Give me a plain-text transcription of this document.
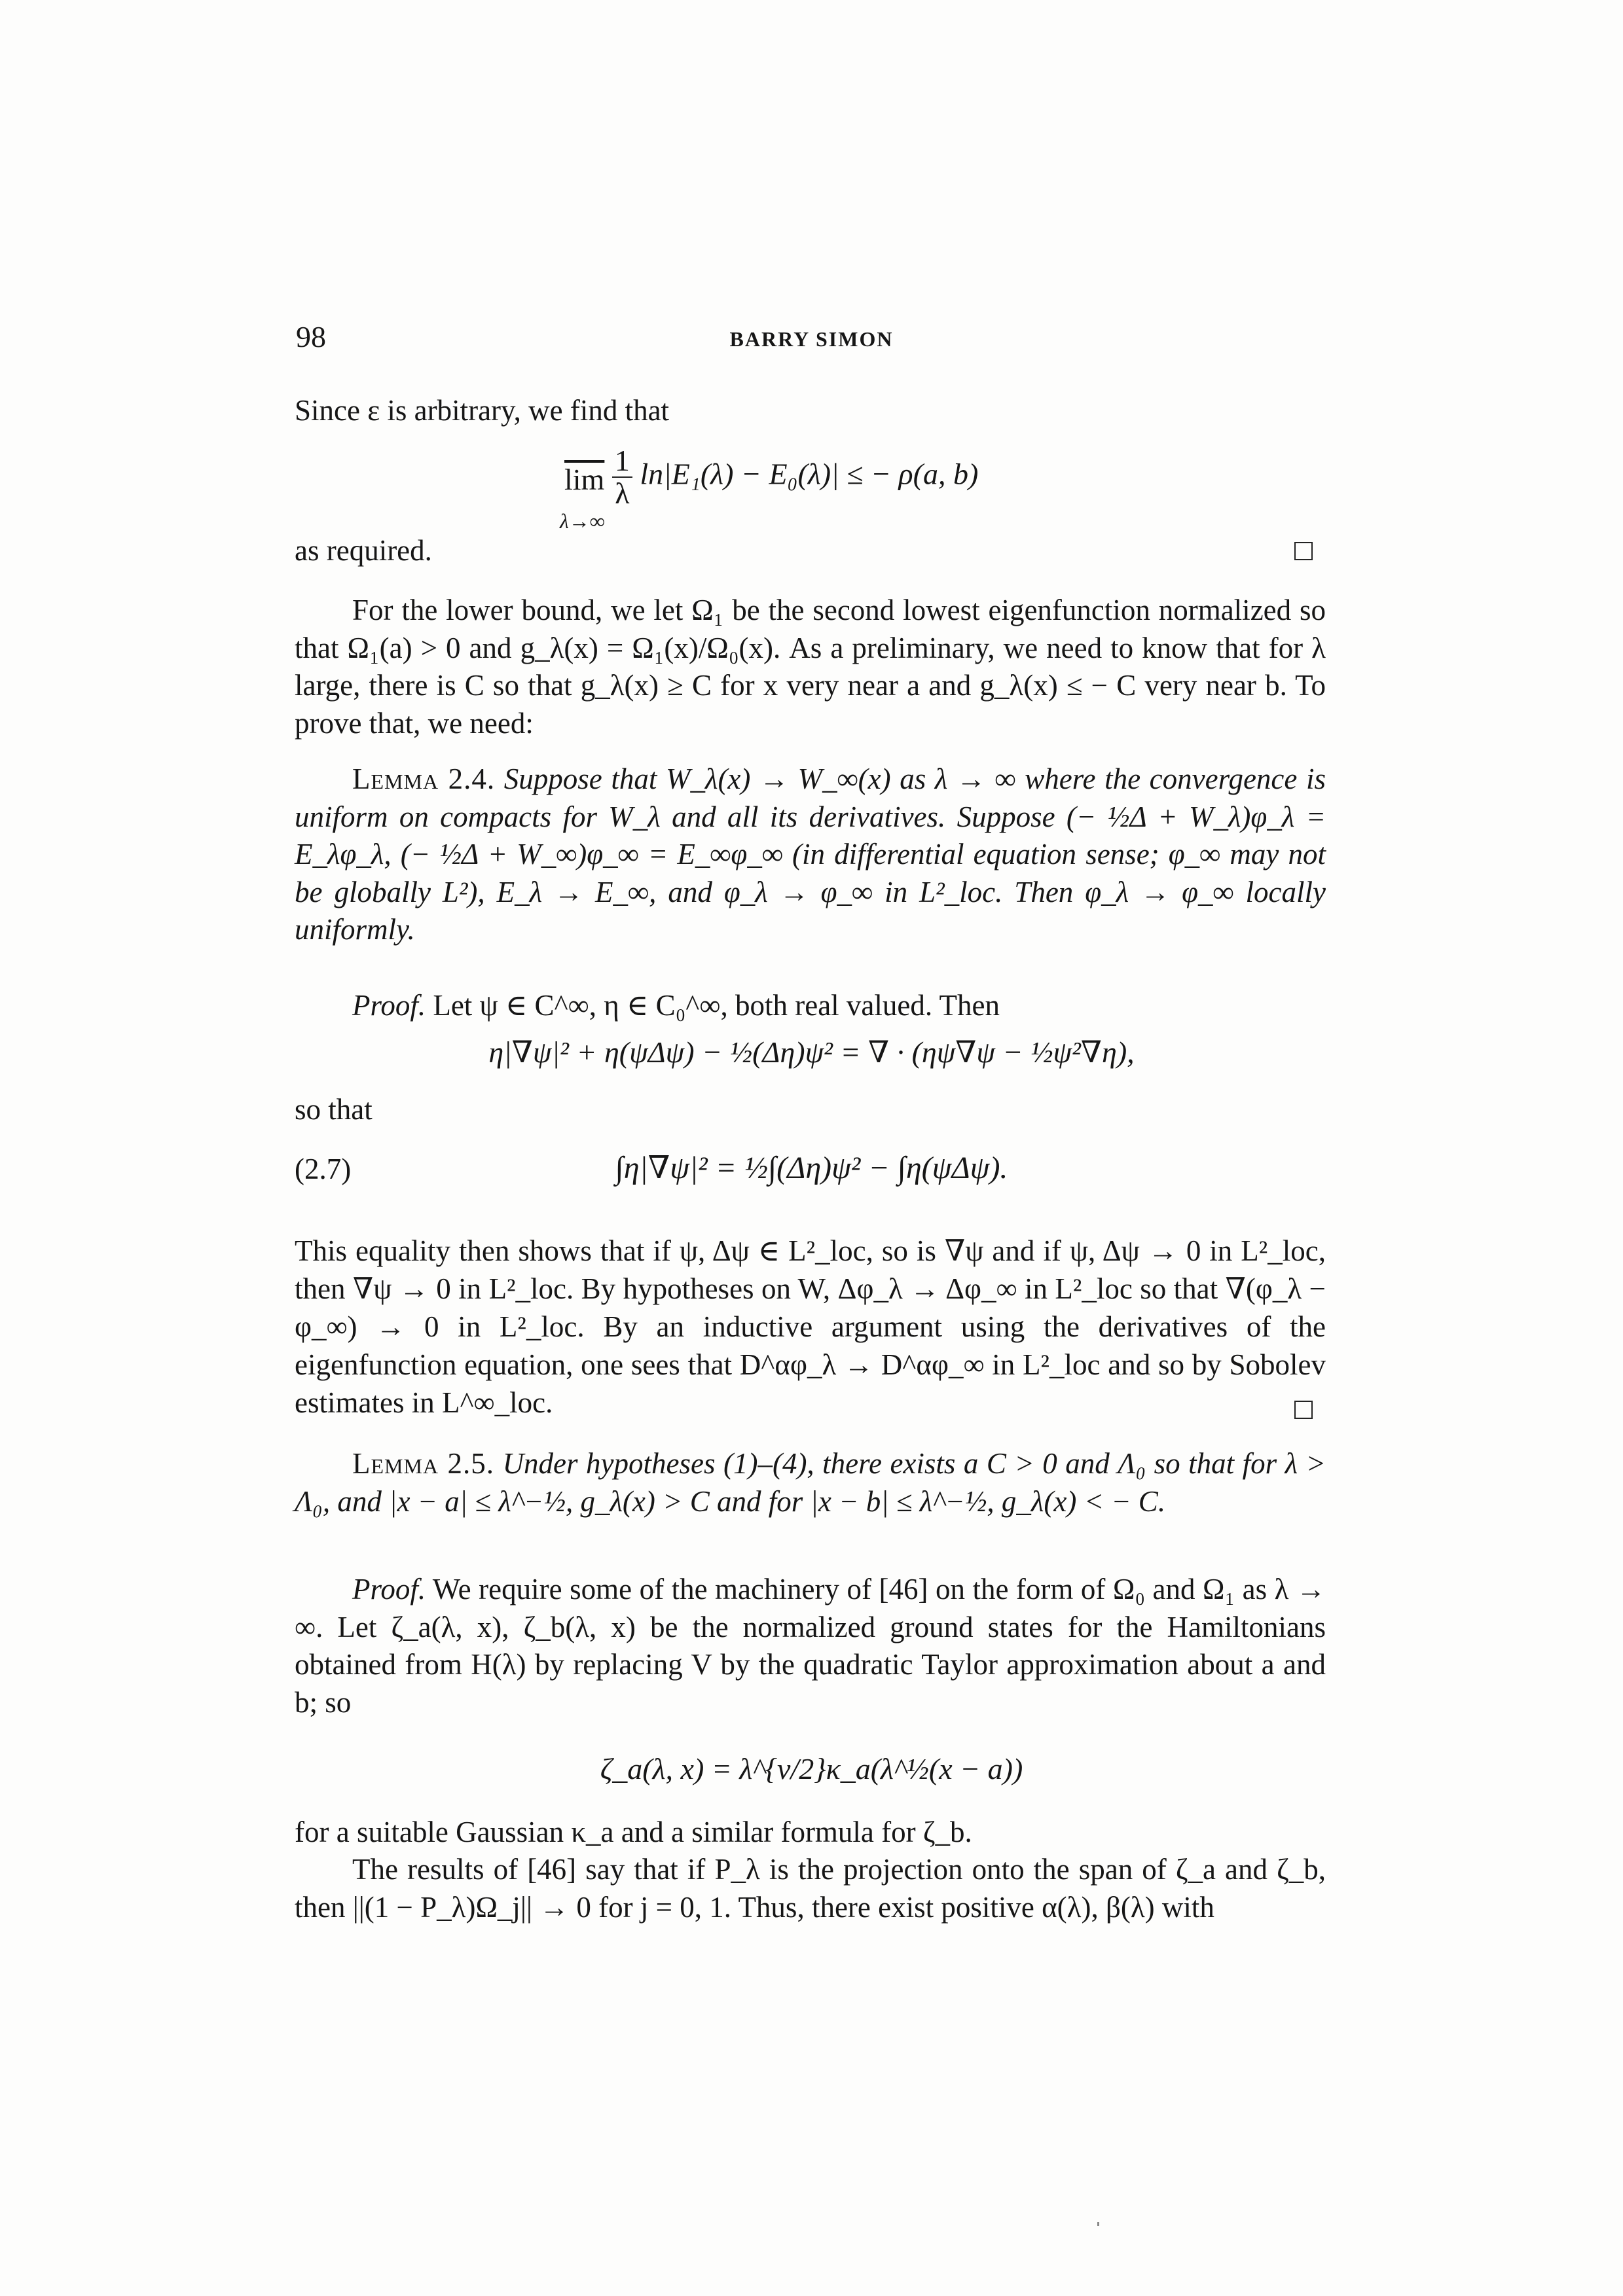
98	BARRY SIMON
Since ε is arbitrary, we find that
$\overline{lim} \frac{1}{\lambda} \ln|E_1(\lambda) - E_0(\lambda)|$ ≤ − ρ(a, b)
λ→∞
as required.
For the lower bound, we let Ω₁ be the second lowest eigenfunction normalized so that Ω₁(a) > 0 and g_λ(x) = Ω₁(x)/Ω₀(x). As a preliminary, we need to know that for λ large, there is C so that g_λ(x) ≥ C for x very near a and g_λ(x) ≤ − C very near b. To prove that, we need:
Lemma 2.4. Suppose that W_λ(x) → W_∞(x) as λ → ∞ where the convergence is uniform on compacts for W_λ and all its derivatives. Suppose (− ½Δ + W_λ)φ_λ = E_λφ_λ, (− ½Δ + W_∞)φ_∞ = E_∞φ_∞ (in differential equation sense; φ_∞ may not be globally L²), E_λ → E_∞, and φ_λ → φ_∞ in L²_loc. Then φ_λ → φ_∞ locally uniformly.
Proof. Let ψ ∈ C^∞, η ∈ C₀^∞, both real valued. Then
η|∇ψ|² + η(ψΔψ) − ½(Δη)ψ² = ∇ · (ηψ∇ψ − ½ψ²∇η),
so that
(2.7)	∫η|∇ψ|² = ½∫(Δη)ψ² − ∫η(ψΔψ).
This equality then shows that if ψ, Δψ ∈ L²_loc, so is ∇ψ and if ψ, Δψ → 0 in L²_loc, then ∇ψ → 0 in L²_loc. By hypotheses on W, Δφ_λ → Δφ_∞ in L²_loc so that ∇(φ_λ − φ_∞) → 0 in L²_loc. By an inductive argument using the derivatives of the eigenfunction equation, one sees that D^αφ_λ → D^αφ_∞ in L²_loc and so by Sobolev estimates in L^∞_loc.
Lemma 2.5. Under hypotheses (1)–(4), there exists a C > 0 and Λ₀ so that for λ > Λ₀, and |x − a| ≤ λ^−½, g_λ(x) > C and for |x − b| ≤ λ^−½, g_λ(x) < − C.
Proof. We require some of the machinery of [46] on the form of Ω₀ and Ω₁ as λ → ∞. Let ζ_a(λ, x), ζ_b(λ, x) be the normalized ground states for the Hamiltonians obtained from H(λ) by replacing V by the quadratic Taylor approximation about a and b; so
ζ_a(λ, x) = λ^{ν/2}κ_a(λ^½(x − a))
for a suitable Gaussian κ_a and a similar formula for ζ_b.
The results of [46] say that if P_λ is the projection onto the span of ζ_a and ζ_b, then ||(1 − P_λ)Ω_j|| → 0 for j = 0, 1. Thus, there exist positive α(λ), β(λ) with
